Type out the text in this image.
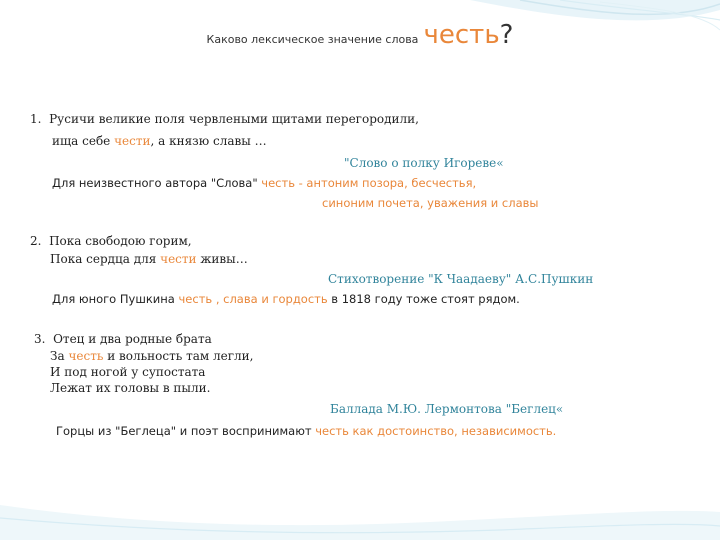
Каково лексическое значение слова честь?
1. Русичи великие поля червлеными щитами перегородили,
ища себе чести, а князю славы …
"Слово о полку Игореве«
Для неизвестного автора "Слова" честь - антоним позора, бесчестья,
синоним почета, уважения и славы
2. Пока свободою горим,
Пока сердца для чести живы…
Стихотворение "К Чаадаеву" А.С.Пушкин
Для юного Пушкина честь , слава и гордость в 1818 году тоже стоят рядом.
3. Отец и два родные брата
За честь и вольность там легли,
И под ногой у супостата
Лежат их головы в пыли.
Баллада М.Ю. Лермонтова "Беглец«
Горцы из "Беглеца" и поэт воспринимают честь как достоинство, независимость.
